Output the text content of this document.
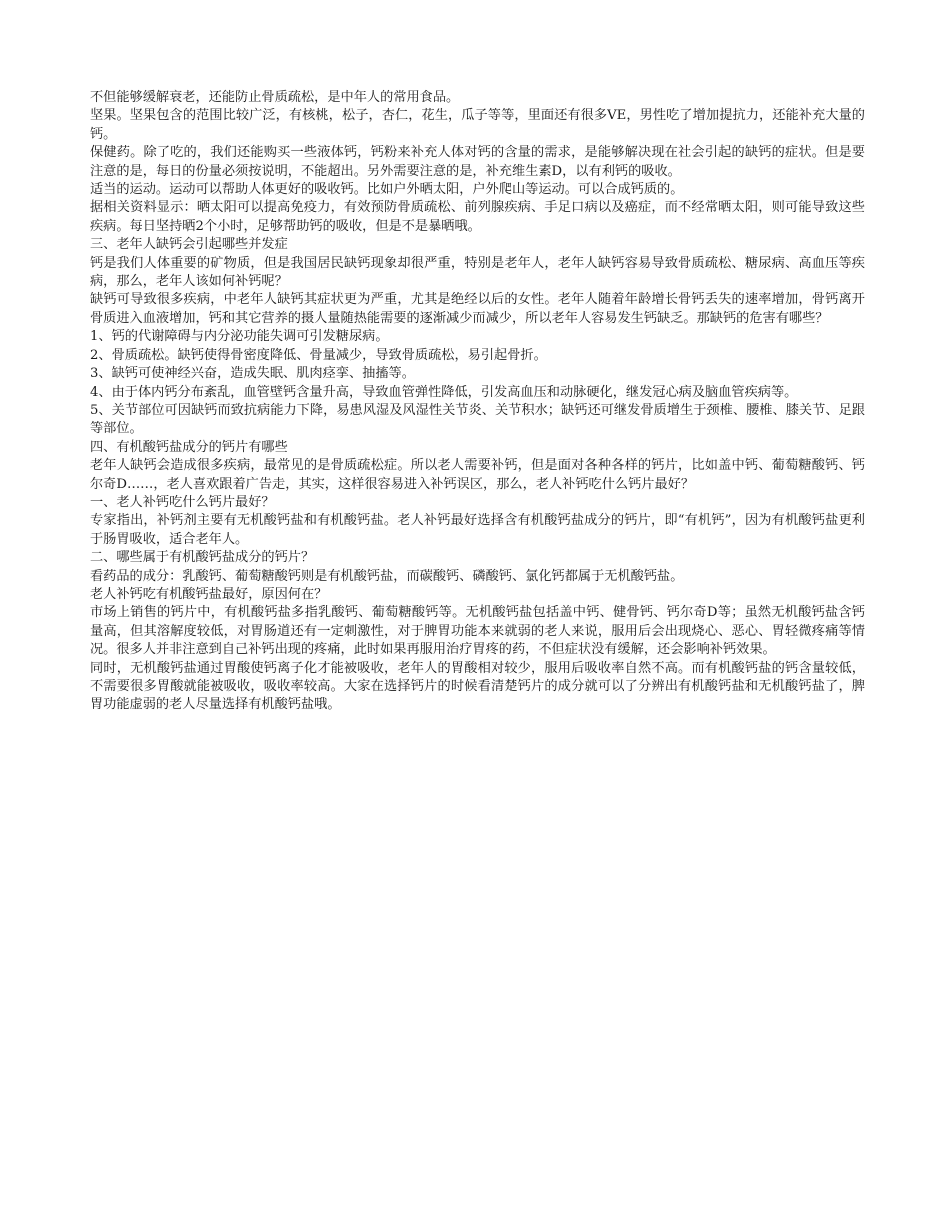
不但能够缓解衰老，还能防止骨质疏松，是中年人的常用食品。

坚果。坚果包含的范围比较广泛，有核桃，松子，杏仁，花生，瓜子等等，里面还有很多VE，男性吃了增加提抗力，还能补充大量的钙。

保健药。除了吃的，我们还能购买一些液体钙，钙粉来补充人体对钙的含量的需求，是能够解决现在社会引起的缺钙的症状。但是要注意的是，每日的份量必须按说明，不能超出。另外需要注意的是，补充维生素D，以有利钙的吸收。

适当的运动。运动可以帮助人体更好的吸收钙。比如户外晒太阳，户外爬山等运动。可以合成钙质的。

据相关资料显示：晒太阳可以提高免疫力，有效预防骨质疏松、前列腺疾病、手足口病以及癌症，而不经常晒太阳，则可能导致这些疾病。每日坚持晒2个小时，足够帮助钙的吸收，但是不是暴晒哦。

三、老年人缺钙会引起哪些并发症

钙是我们人体重要的矿物质，但是我国居民缺钙现象却很严重，特别是老年人，老年人缺钙容易导致骨质疏松、糖尿病、高血压等疾病，那么，老年人该如何补钙呢？

缺钙可导致很多疾病，中老年人缺钙其症状更为严重，尤其是绝经以后的女性。老年人随着年龄增长骨钙丢失的速率增加，骨钙离开骨质进入血液增加，钙和其它营养的摄人量随热能需要的逐渐减少而减少，所以老年人容易发生钙缺乏。那缺钙的危害有哪些？

1、钙的代谢障碍与内分泌功能失调可引发糖尿病。

2、骨质疏松。缺钙使得骨密度降低、骨量减少，导致骨质疏松，易引起骨折。

3、缺钙可使神经兴奋，造成失眠、肌肉痉挛、抽搐等。

4、由于体内钙分布紊乱，血管壁钙含量升高，导致血管弹性降低，引发高血压和动脉硬化，继发冠心病及脑血管疾病等。

5、关节部位可因缺钙而致抗病能力下降，易患风湿及风湿性关节炎、关节积水；缺钙还可继发骨质增生于颈椎、腰椎、膝关节、足跟等部位。

四、有机酸钙盐成分的钙片有哪些

老年人缺钙会造成很多疾病，最常见的是骨质疏松症。所以老人需要补钙，但是面对各种各样的钙片，比如盖中钙、葡萄糖酸钙、钙尔奇D……，老人喜欢跟着广告走，其实，这样很容易进入补钙误区，那么，老人补钙吃什么钙片最好？

一、老人补钙吃什么钙片最好？

专家指出，补钙剂主要有无机酸钙盐和有机酸钙盐。老人补钙最好选择含有机酸钙盐成分的钙片，即“有机钙”，因为有机酸钙盐更利于肠胃吸收，适合老年人。

二、哪些属于有机酸钙盐成分的钙片？

看药品的成分：乳酸钙、葡萄糖酸钙则是有机酸钙盐，而碳酸钙、磷酸钙、氯化钙都属于无机酸钙盐。

老人补钙吃有机酸钙盐最好，原因何在？

市场上销售的钙片中，有机酸钙盐多指乳酸钙、葡萄糖酸钙等。无机酸钙盐包括盖中钙、健骨钙、钙尔奇D等；虽然无机酸钙盐含钙量高，但其溶解度较低，对胃肠道还有一定刺激性，对于脾胃功能本来就弱的老人来说，服用后会出现烧心、恶心、胃轻微疼痛等情况。很多人并非注意到自己补钙出现的疼痛，此时如果再服用治疗胃疼的药，不但症状没有缓解，还会影响补钙效果。

同时，无机酸钙盐通过胃酸使钙离子化才能被吸收，老年人的胃酸相对较少，服用后吸收率自然不高。而有机酸钙盐的钙含量较低，不需要很多胃酸就能被吸收，吸收率较高。大家在选择钙片的时候看清楚钙片的成分就可以了分辨出有机酸钙盐和无机酸钙盐了，脾胃功能虚弱的老人尽量选择有机酸钙盐哦。
